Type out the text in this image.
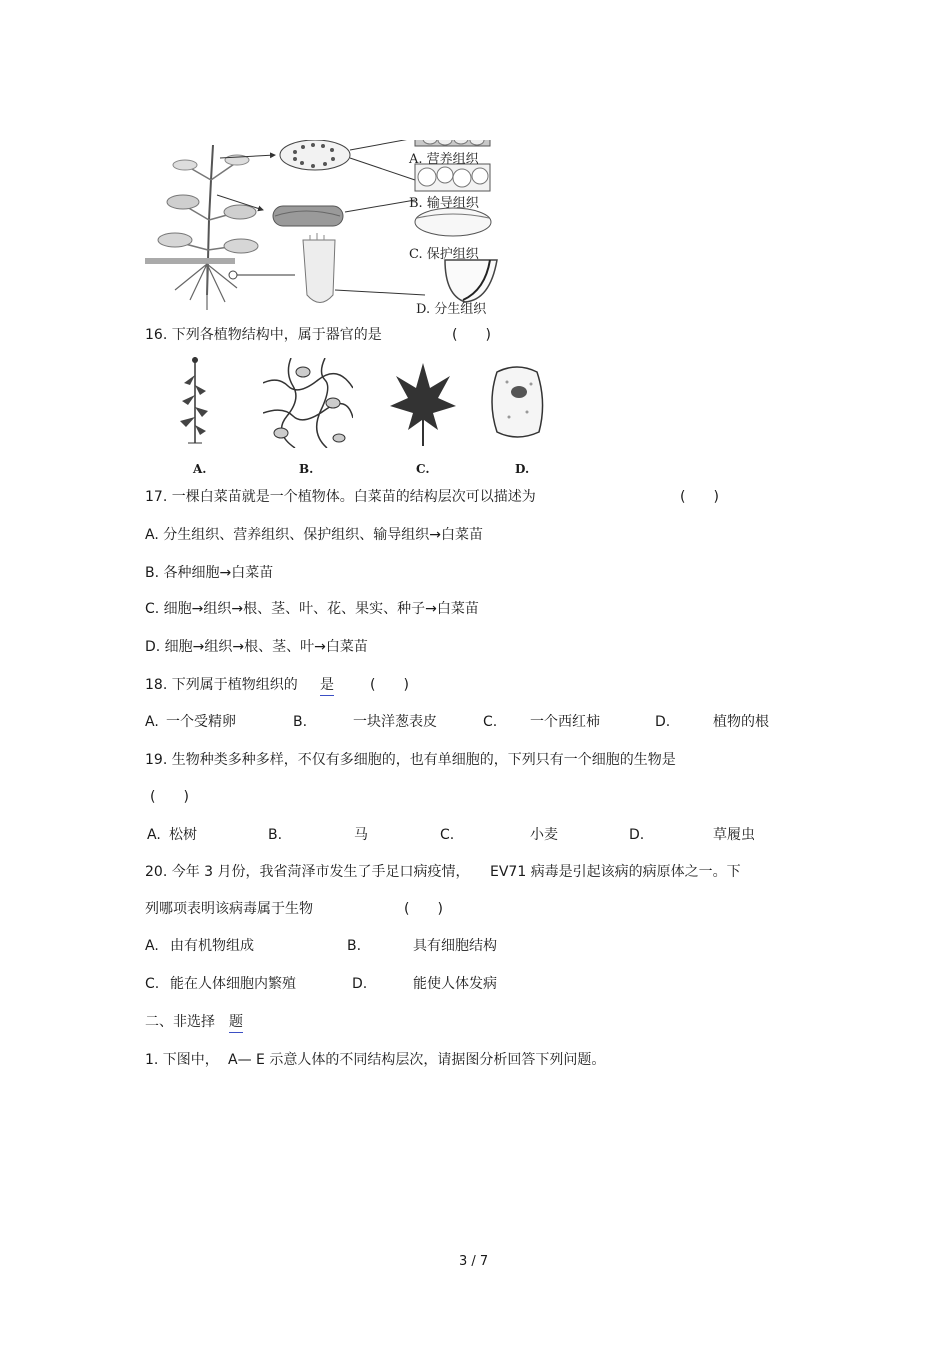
A. 营养组织
B. 输导组织
C. 保护组织
D. 分生组织
16. 下列各植物结构中，属于器官的是	(　　)
A.	B.	C.	D.
17. 一棵白菜苗就是一个植物体。白菜苗的结构层次可以描述为	(　　)
A. 分生组织、营养组织、保护组织、输导组织→白菜苗
B. 各种细胞→白菜苗
C. 细胞→组织→根、茎、叶、花、果实、种子→白菜苗
D. 细胞→组织→根、茎、叶→白菜苗
18. 下列属于植物组织的 是	(　　)
A. 一个受精卵	B.	一块洋葱表皮	C. 一个西红柿	D.	植物的根
19. 生物种类多种多样，不仅有多细胞的，也有单细胞的，下列只有一个细胞的生物是
(　　)
A. 松树	B.	马	C.	小麦	D.	草履虫
20. 今年 3 月份，我省菏泽市发生了手足口病疫情， EV71 病毒是引起该病的病原体之一。下
列哪项表明该病毒属于生物	(　　)
A. 由有机物组成	B.	具有细胞结构
C. 能在人体细胞内繁殖	D.	能使人体发病
二、非选择 题
1. 下图中， A— E 示意人体的不同结构层次，请据图分析回答下列问题。
3 / 7
